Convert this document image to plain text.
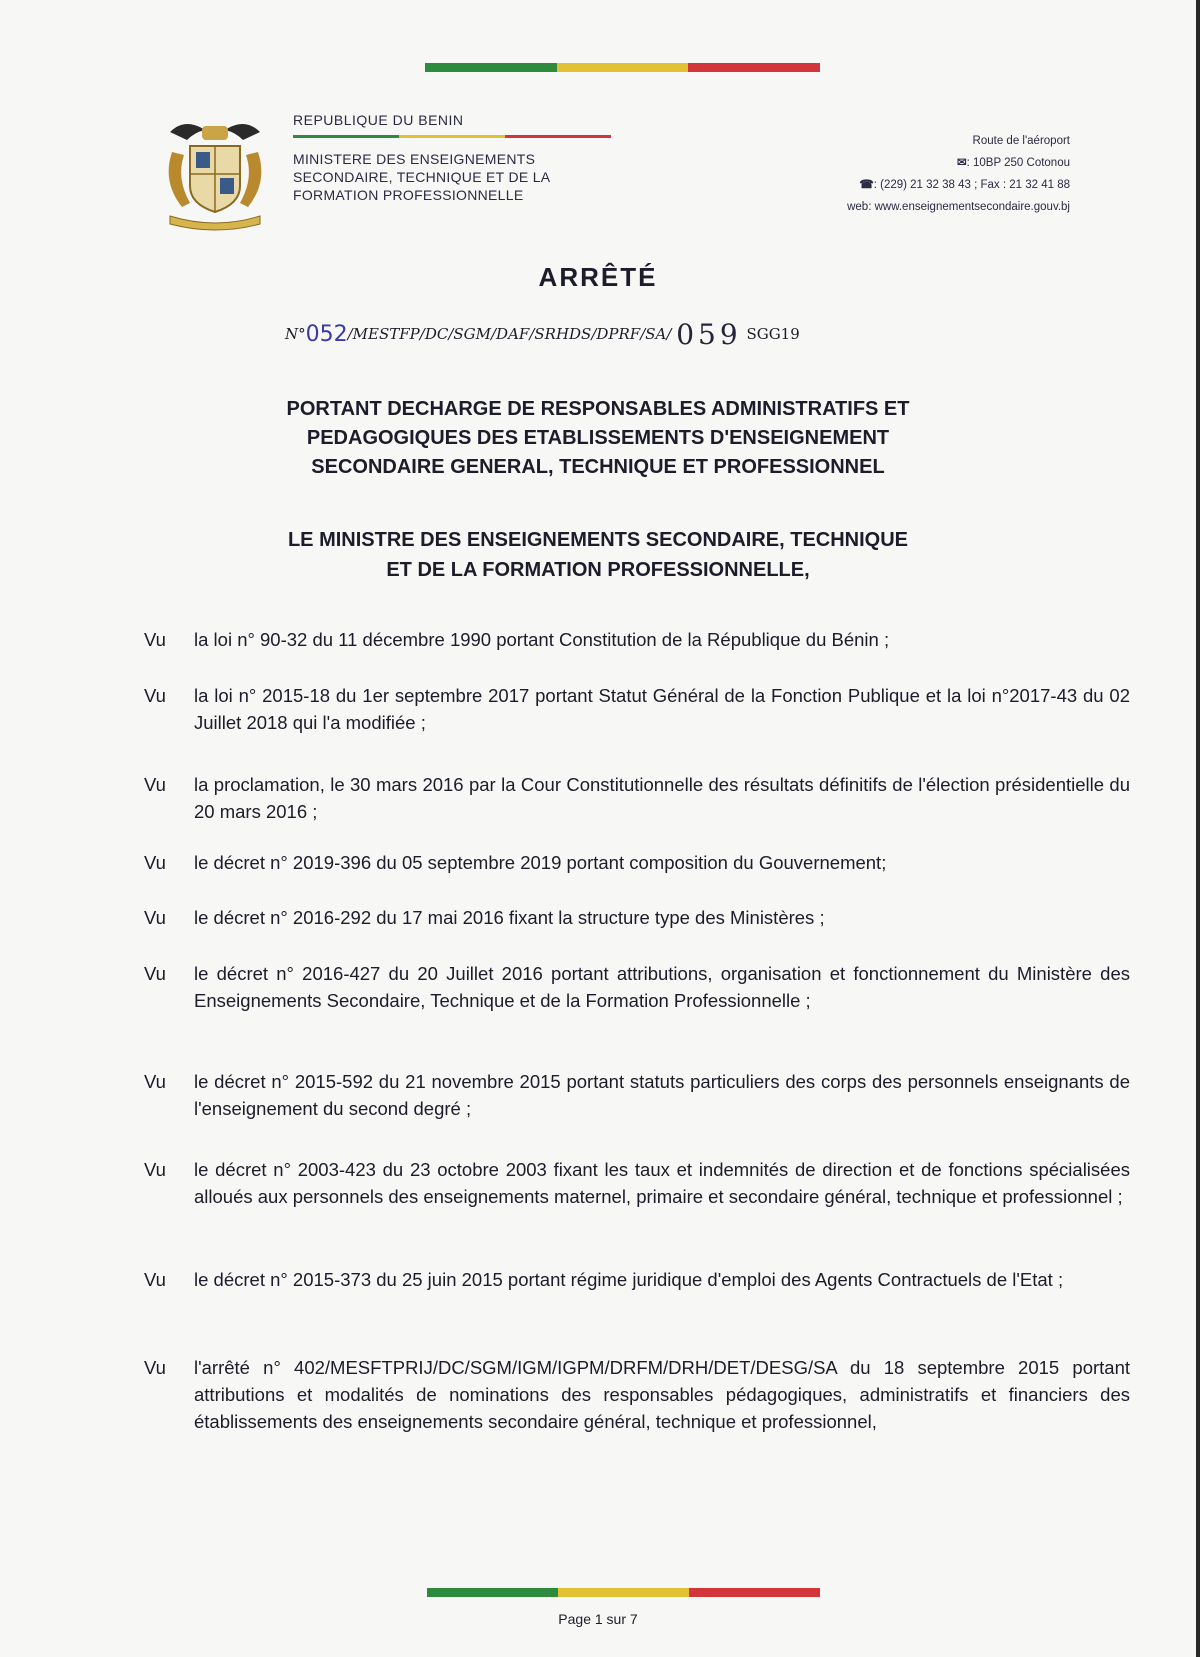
REPUBLIQUE DU BENIN
MINISTERE DES ENSEIGNEMENTS
SECONDAIRE, TECHNIQUE ET DE LA
FORMATION PROFESSIONNELLE
Route de l'aéroport
✉: 10BP 250 Cotonou
☎: (229) 21 32 38 43 ; Fax : 21 32 41 88
web: www.enseignementsecondaire.gouv.bj
ARRÊTÉ
N°052/MESTFP/DC/SGM/DAF/SRHDS/DPRF/SA/ 059 SGG19
PORTANT DECHARGE DE RESPONSABLES ADMINISTRATIFS ET
PEDAGOGIQUES DES ETABLISSEMENTS D'ENSEIGNEMENT
SECONDAIRE GENERAL, TECHNIQUE ET PROFESSIONNEL
LE MINISTRE DES ENSEIGNEMENTS SECONDAIRE, TECHNIQUE
ET DE LA FORMATION PROFESSIONNELLE,
Vu	la loi n° 90-32 du 11 décembre 1990 portant Constitution de la République du Bénin ;
Vu	la loi n° 2015-18 du 1er septembre 2017 portant Statut Général de la Fonction Publique et la loi n°2017-43 du 02 Juillet 2018 qui l'a modifiée ;
Vu	la proclamation, le 30 mars 2016 par la Cour Constitutionnelle des résultats définitifs de l'élection présidentielle du 20 mars 2016 ;
Vu	le décret n° 2019-396 du 05 septembre 2019 portant composition du Gouvernement;
Vu	le décret n° 2016-292 du 17 mai 2016 fixant la structure type des Ministères ;
Vu	le décret n° 2016-427 du 20 Juillet 2016 portant attributions, organisation et fonctionnement du Ministère des Enseignements Secondaire, Technique et de la Formation Professionnelle ;
Vu	le décret n° 2015-592 du 21 novembre 2015 portant statuts particuliers des corps des personnels enseignants de l'enseignement du second degré ;
Vu	le décret n° 2003-423 du 23 octobre 2003 fixant les taux et indemnités de direction et de fonctions spécialisées alloués aux personnels des enseignements maternel, primaire et secondaire général, technique et professionnel ;
Vu	le décret n° 2015-373 du 25 juin 2015 portant régime juridique d'emploi des Agents Contractuels de l'Etat ;
Vu	l'arrêté n° 402/MESFTPRIJ/DC/SGM/IGM/IGPM/DRFM/DRH/DET/DESG/SA du 18 septembre 2015 portant attributions et modalités de nominations des responsables pédagogiques, administratifs et financiers des établissements des enseignements secondaire général, technique et professionnel,
Page 1 sur 7
